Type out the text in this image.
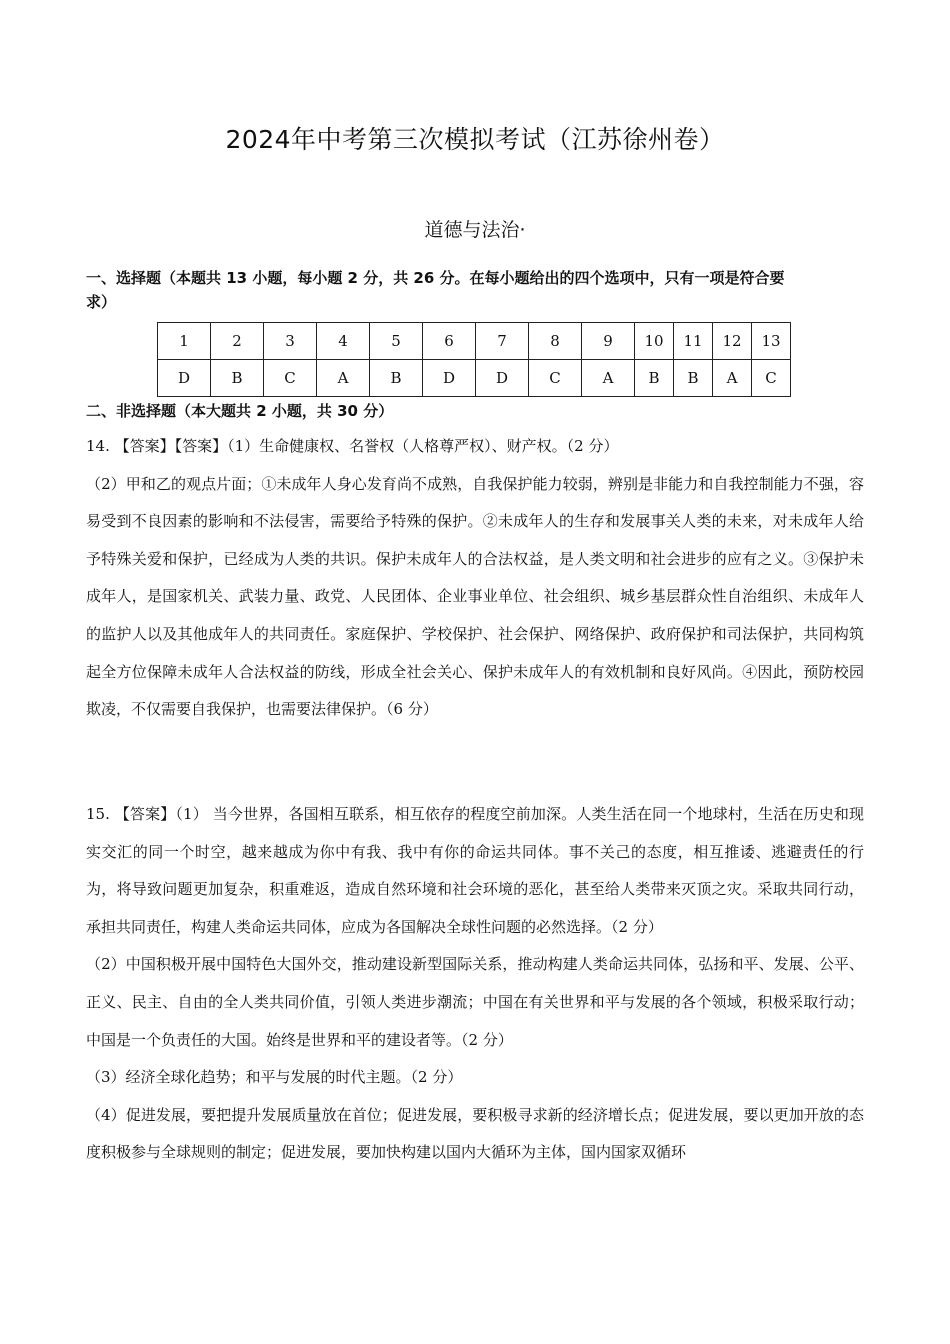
2024年中考第三次模拟考试（江苏徐州卷）
道德与法治·
一、选择题（本题共 13 小题，每小题 2 分，共 26 分。在每小题给出的四个选项中，只有一项是符合要
求）
1	2	3	4	5	6	7	8	9	10	11	12	13
D	B	C	A	B	D	D	C	A	B	B	A	C
二、非选择题（本大题共 2 小题，共 30 分）

14. 【答案】【答案】（1）生命健康权、名誉权（人格尊严权）、财产权。（2 分）

（2）甲和乙的观点片面；①未成年人身心发育尚不成熟，自我保护能力较弱，辨别是非能力和自我控制能力不强，容易受到不良因素的影响和不法侵害，需要给予特殊的保护。②未成年人的生存和发展事关人类的未来，对未成年人给予特殊关爱和保护，已经成为人类的共识。保护未成年人的合法权益，是人类文明和社会进步的应有之义。③保护未成年人，是国家机关、武装力量、政党、人民团体、企业事业单位、社会组织、城乡基层群众性自治组织、未成年人的监护人以及其他成年人的共同责任。家庭保护、学校保护、社会保护、网络保护、政府保护和司法保护，共同构筑起全方位保障未成年人合法权益的防线，形成全社会关心、保护未成年人的有效机制和良好风尚。④因此，预防校园欺凌，不仅需要自我保护，也需要法律保护。（6 分）

15. 【答案】（1） 当今世界，各国相互联系，相互依存的程度空前加深。人类生活在同一个地球村，生活在历史和现实交汇的同一个时空，越来越成为你中有我、我中有你的命运共同体。事不关己的态度，相互推诿、逃避责任的行为，将导致问题更加复杂，积重难返，造成自然环境和社会环境的恶化，甚至给人类带来灭顶之灾。采取共同行动，承担共同责任，构建人类命运共同体，应成为各国解决全球性问题的必然选择。（2 分）

（2）中国积极开展中国特色大国外交，推动建设新型国际关系，推动构建人类命运共同体，弘扬和平、发展、公平、正义、民主、自由的全人类共同价值，引领人类进步潮流；中国在有关世界和平与发展的各个领域，积极采取行动；中国是一个负责任的大国。始终是世界和平的建设者等。（2 分）

（3）经济全球化趋势；和平与发展的时代主题。（2 分）

（4）促进发展，要把提升发展质量放在首位；促进发展，要积极寻求新的经济增长点；促进发展，要以更加开放的态度积极参与全球规则的制定；促进发展，要加快构建以国内大循环为主体，国内国家双循环
